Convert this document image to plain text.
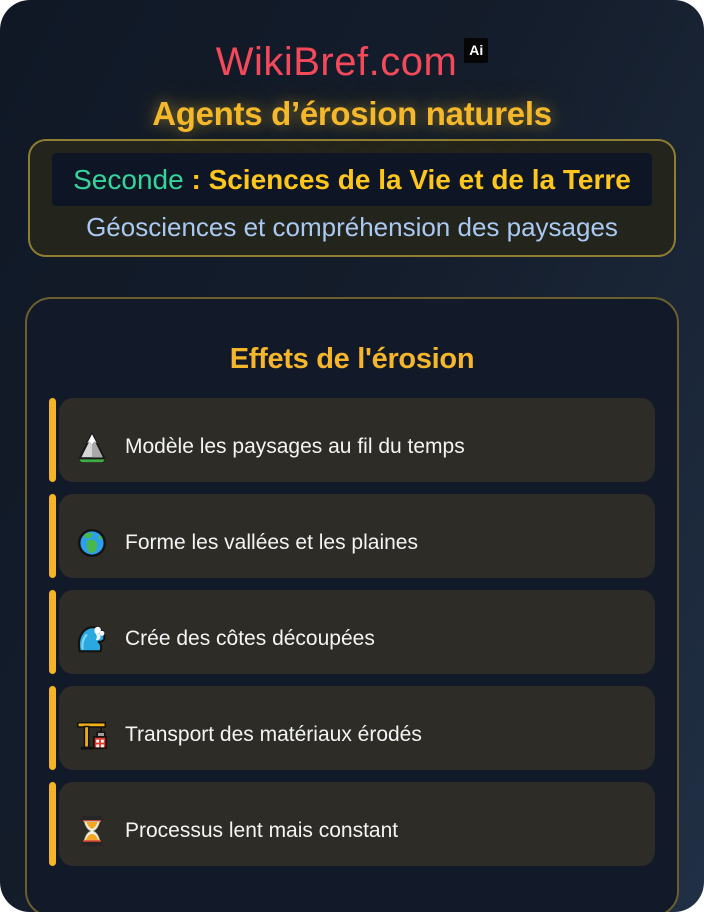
WikiBref.com Ai
Agents d’érosion naturels
Seconde : Sciences de la Vie et de la Terre
Géosciences et compréhension des paysages
Effets de l'érosion
Modèle les paysages au fil du temps
Forme les vallées et les plaines
Crée des côtes découpées
Transport des matériaux érodés
Processus lent mais constant
